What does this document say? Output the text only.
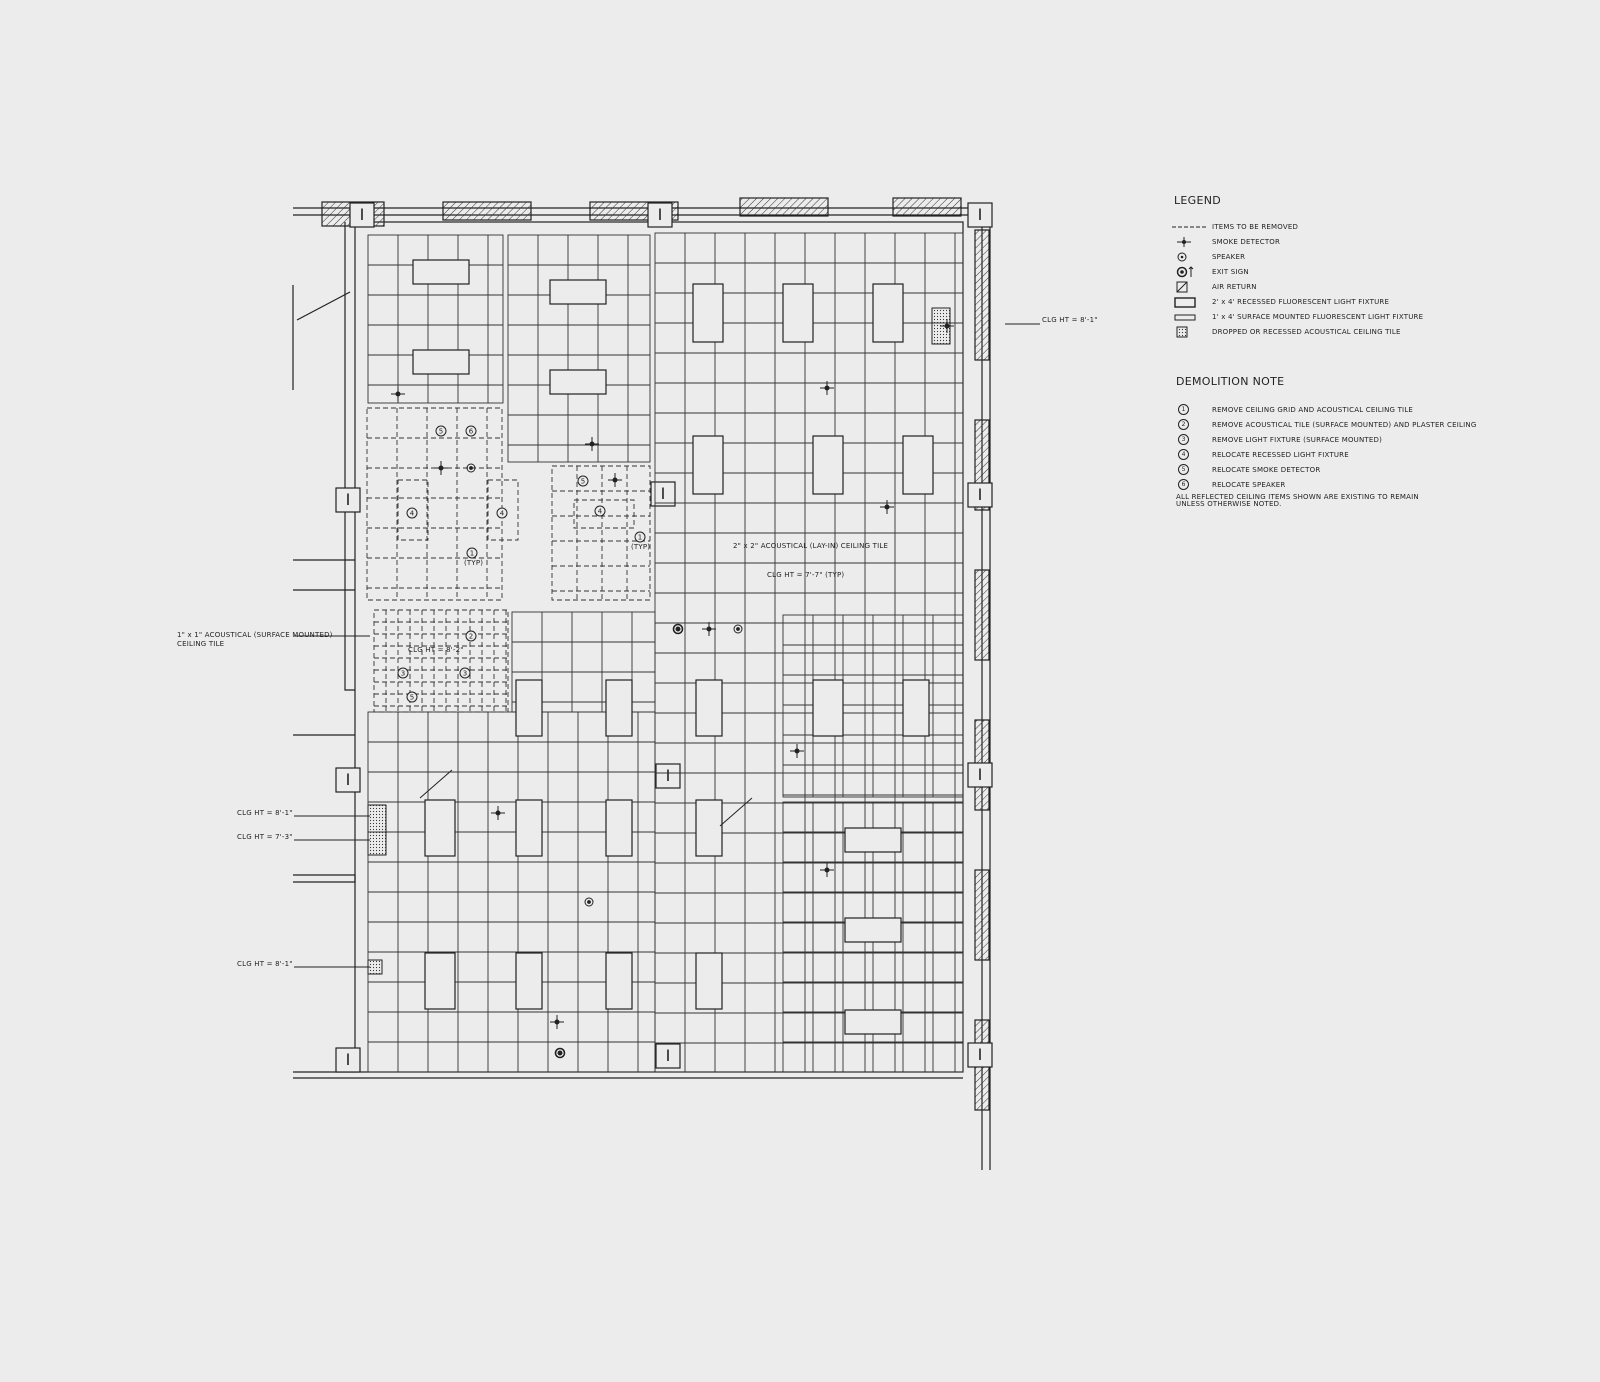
I
I
I
I
I
I
I	I	I
I
I
I
5	6
4	4
1
5
4
1
2
3	3
5
CLG HT = 8'-1"
2" x 2" ACOUSTICAL (LAY-IN) CEILING TILE
CLG HT = 7'-7" (TYP)
1" x 1" ACOUSTICAL (SURFACE MOUNTED)
CEILING TILE
CLG HT = 8'-2"
CLG HT = 8'-1"
CLG HT = 7'-3"
CLG HT = 8'-1"
(TYP)
(TYP)
LEGEND
ITEMS TO BE REMOVED
SMOKE DETECTOR
SPEAKER
EXIT SIGN
AIR RETURN
2' x 4' RECESSED FLUORESCENT LIGHT FIXTURE
1' x 4' SURFACE MOUNTED FLUORESCENT LIGHT FIXTURE
DROPPED OR RECESSED ACOUSTICAL CEILING TILE
DEMOLITION NOTE
1	REMOVE CEILING GRID AND ACOUSTICAL CEILING TILE
2	REMOVE ACOUSTICAL TILE (SURFACE MOUNTED) AND PLASTER CEILING
3	REMOVE LIGHT FIXTURE (SURFACE MOUNTED)
4	RELOCATE RECESSED LIGHT FIXTURE
5	RELOCATE SMOKE DETECTOR
6	RELOCATE SPEAKER
ALL REFLECTED CEILING ITEMS SHOWN ARE EXISTING TO REMAIN
UNLESS OTHERWISE NOTED.
